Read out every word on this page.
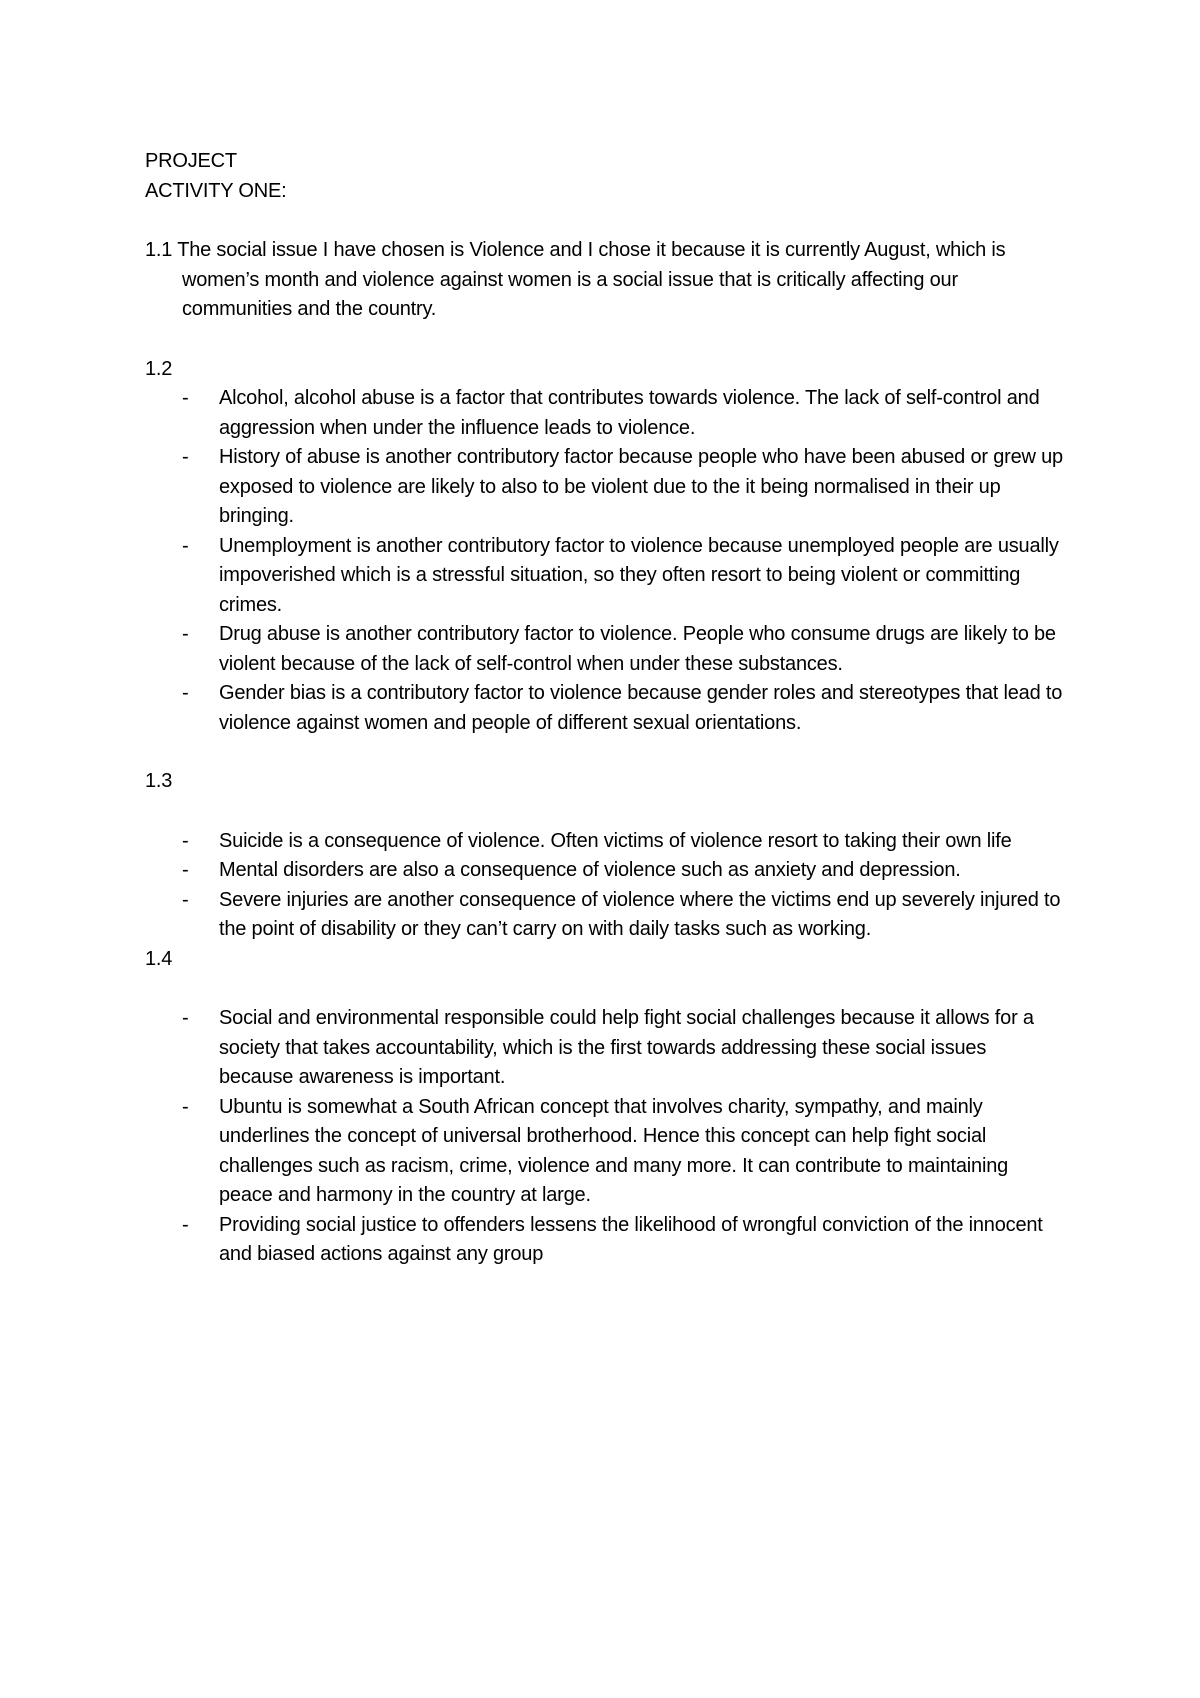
PROJECT

ACTIVITY ONE:

1.1 The social issue I have chosen is Violence and I chose it because it is currently August, which is women’s month and violence against women is a social issue that is critically affecting our communities and the country.

1.2

- Alcohol, alcohol abuse is a factor that contributes towards violence. The lack of self-control and aggression when under the influence leads to violence.
- History of abuse is another contributory factor because people who have been abused or grew up exposed to violence are likely to also to be violent due to the it being normalised in their up bringing.
- Unemployment is another contributory factor to violence because unemployed people are usually impoverished which is a stressful situation, so they often resort to being violent or committing crimes.
- Drug abuse is another contributory factor to violence. People who consume drugs are likely to be violent because of the lack of self-control when under these substances.
- Gender bias is a contributory factor to violence because gender roles and stereotypes that lead to violence against women and people of different sexual orientations.

1.3

- Suicide is a consequence of violence. Often victims of violence resort to taking their own life
- Mental disorders are also a consequence of violence such as anxiety and depression.
- Severe injuries are another consequence of violence where the victims end up severely injured to the point of disability or they can’t carry on with daily tasks such as working.

1.4

- Social and environmental responsible could help fight social challenges because it allows for a society that takes accountability, which is the first towards addressing these social issues because awareness is important.
- Ubuntu is somewhat a South African concept that involves charity, sympathy, and mainly underlines the concept of universal brotherhood. Hence this concept can help fight social challenges such as racism, crime, violence and many more. It can contribute to maintaining peace and harmony in the country at large.
- Providing social justice to offenders lessens the likelihood of wrongful conviction of the innocent and biased actions against any group
